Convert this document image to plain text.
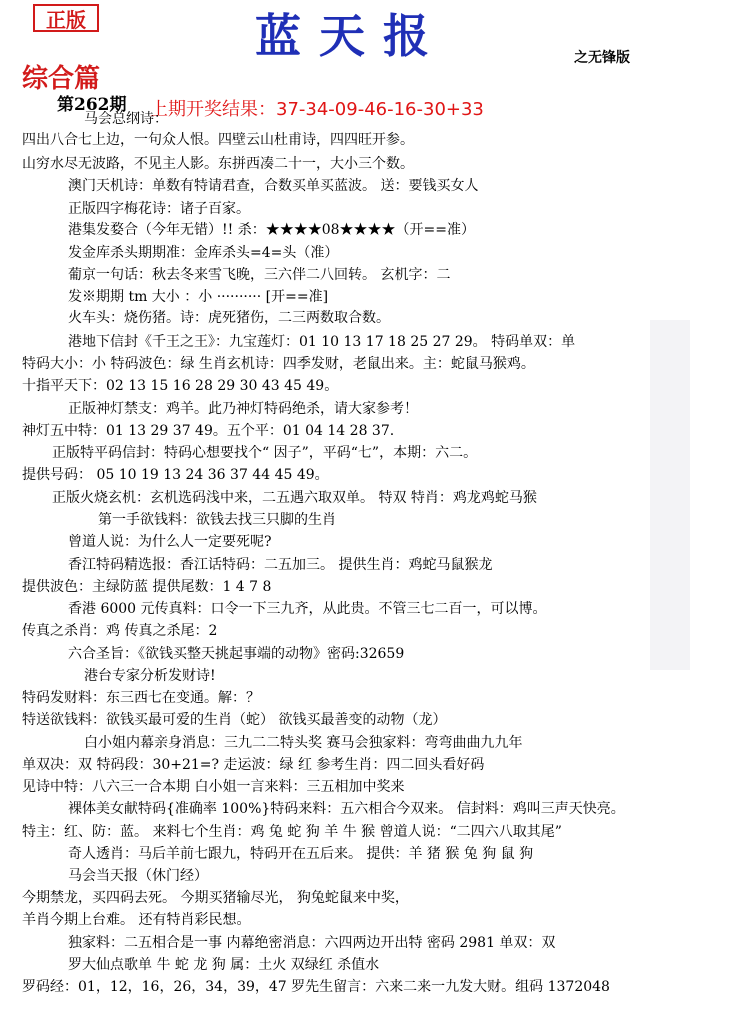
正版	蓝天报	之无锋版
综合篇
第262期 上期开奖结果：37-34-09-46-16-30+33
马会总纲诗：
四出八合七上边，一句众人恨。四壁云山杜甫诗，四四旺开参。
山穷水尽无波路，不见主人影。东拼西凑二十一，大小三个数。
澳门天机诗：单数有特请君查，合数买单买蓝波。 送：要钱买女人
正版四字梅花诗：诸子百家。
港集发婺合（今年无错）!! 杀：★★★★08★★★★（开==准）
发金库杀头期期准：金库杀头=4=头（准）
葡京一句话：秋去冬来雪飞晚，三六伴二八回转。 玄机字：二
发※期期 tm 大小 ：小 ·········· [开==准]
火车头：烧伤猪。诗：虎死猪伤，二三两数取合数。
港地下信封《千王之王》：九宝莲灯：01 10 13 17 18 25 27 29。 特码单双：单
特码大小：小 特码波色：绿 生肖玄机诗：四季发财，老鼠出来。主：蛇鼠马猴鸡。
十指平天下：02 13 15 16 28 29 30 43 45 49。
正版神灯禁支：鸡羊。此乃神灯特码绝杀，请大家参考！
神灯五中特：01 13 29 37 49。五个平：01 04 14 28 37.
正版特平码信封：特码心想要找个“ 因子”，平码“七”，本期：六二。
提供号码： 05 10 19 13 24 36 37 44 45 49。
正版火烧玄机：玄机选码浅中来，二五遇六取双单。 特双 特肖：鸡龙鸡蛇马猴
第一手欲钱料：欲钱去找三只脚的生肖
曾道人说：为什么人一定要死呢?
香江特码精选报：香江话特码：二五加三。 提供生肖：鸡蛇马鼠猴龙
提供波色：主绿防蓝 提供尾数：1 4 7 8
香港 6000 元传真料：口令一下三九齐，从此贵。不管三七二百一，可以博。
传真之杀肖：鸡 传真之杀尾：2
六合圣旨：《欲钱买整天挑起事端的动物》密码:32659
港台专家分析发财诗!
特码发财料：东三西七在变通。解：？
特送欲钱料：欲钱买最可爱的生肖（蛇） 欲钱买最善变的动物（龙）
白小姐内幕亲身消息：三九二二特头奖 赛马会独家料：弯弯曲曲九九年
单双决：双 特码段：30+21=? 走运波：绿 红 参考生肖：四二回头看好码
见诗中特：八六三一合本期 白小姐一言来料：三五相加中奖来
裸体美女献特码{准确率 100%}特码来料：五六相合今双来。 信封料：鸡叫三声天快亮。
特主：红、防：蓝。 来料七个生肖：鸡 兔 蛇 狗 羊 牛 猴 曾道人说：“二四六八取其尾”
奇人透肖：马后羊前七跟九，特码开在五后来。 提供：羊 猪 猴 兔 狗 鼠 狗
马会当天报（休门经）
今期禁龙，买四码去死。 今期买猪输尽光， 狗兔蛇鼠来中奖，
羊肖今期上台难。 还有特肖彩民想。
独家料：二五相合是一事 内幕绝密消息：六四两边开出特 密码 2981 单双：双
罗大仙点歌单 牛 蛇 龙 狗 属：土火 双绿红 杀值水
罗码经：01，12，16，26，34，39，47 罗先生留言：六来二来一九发大财。组码 1372048
